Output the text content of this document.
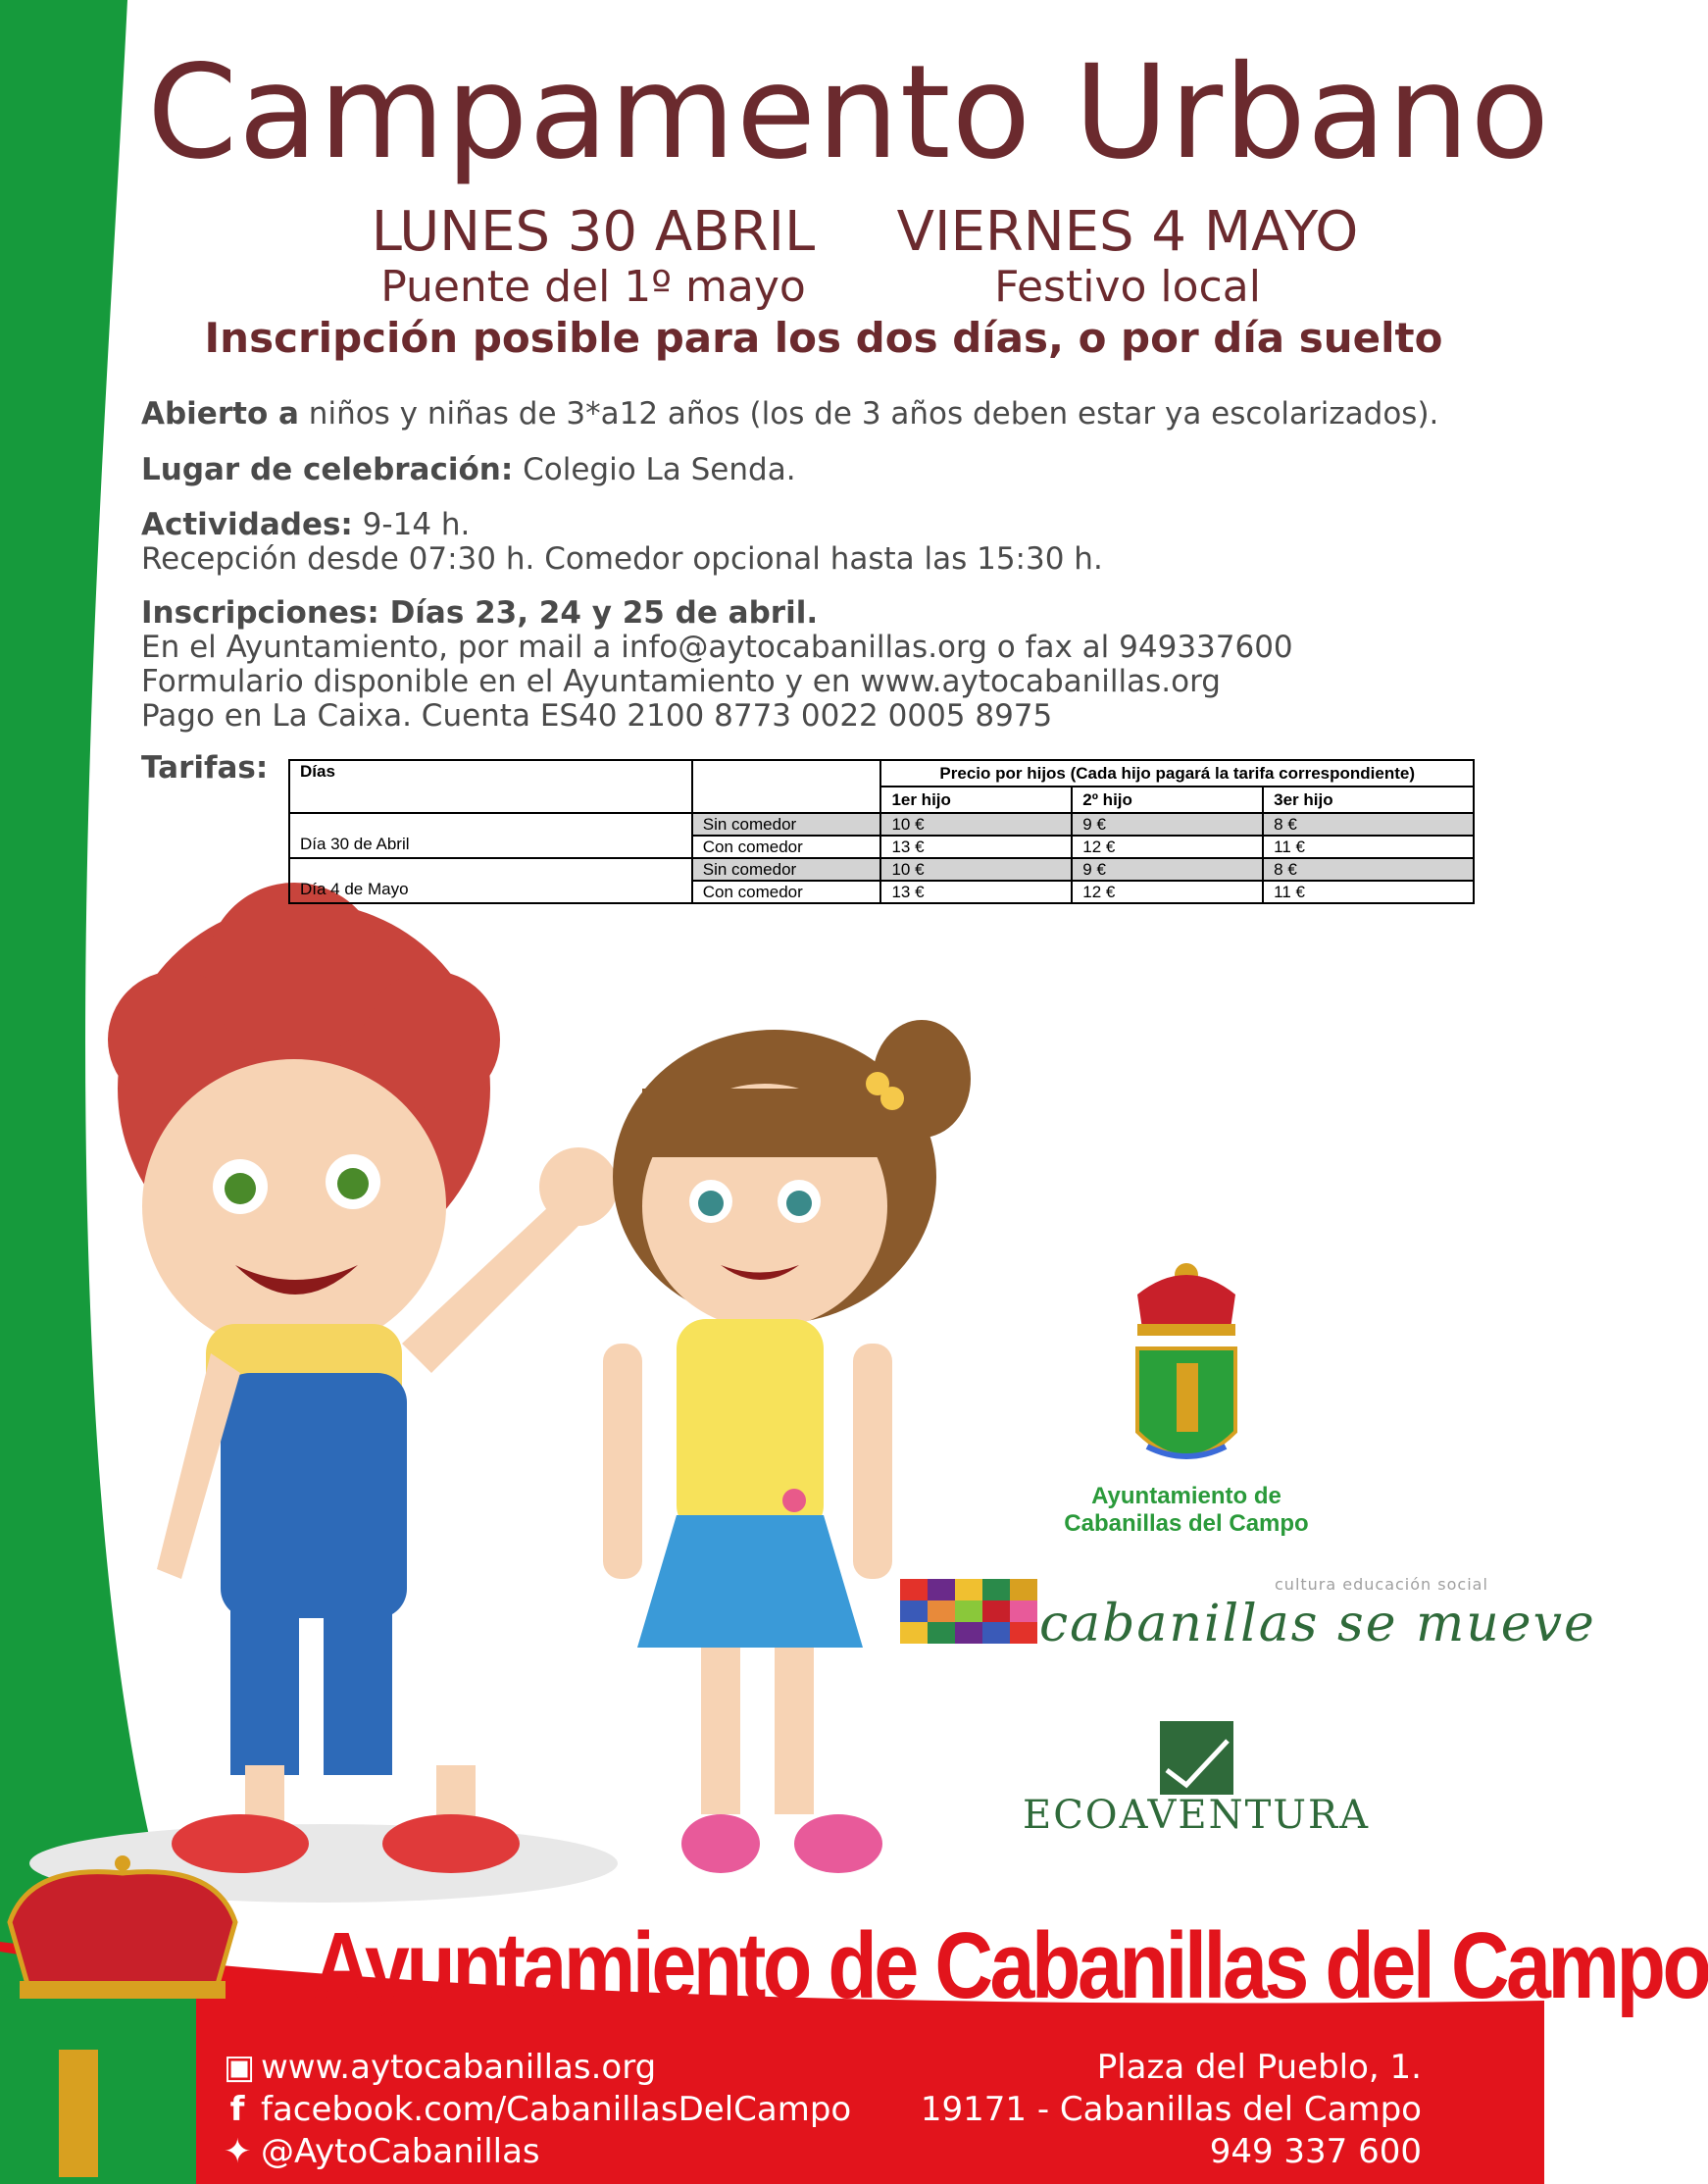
Campamento Urbano
LUNES 30 ABRIL
Puente del 1º mayo
VIERNES 4 MAYO
Festivo local
Inscripción posible para los dos días, o por día suelto
Abierto a niños y niñas de 3*a12 años (los de 3 años deben estar ya escolarizados).
Lugar de celebración: Colegio La Senda.
Actividades: 9-14 h.
Recepción desde 07:30 h. Comedor opcional hasta las 15:30 h.
Inscripciones: Días 23, 24 y 25 de abril.
En el Ayuntamiento, por mail a info@aytocabanillas.org o fax al 949337600
Formulario disponible en el Ayuntamiento y en www.aytocabanillas.org
Pago en La Caixa. Cuenta ES40 2100 8773 0022 0005 8975
Tarifas: Días		Precio por hijos (Cada hijo pagará la tarifa correspondiente)		
		1er hijo	2º hijo	3er hijo
Día 30 de Abril	Sin comedor	10 €	9 €	8 €
	Con comedor	13 €	12 €	11 €
Día 4 de Mayo	Sin comedor	10 €	9 €	8 €
	Con comedor	13 €	12 €	11 €
Ayuntamiento de
Cabanillas del Campo
cultura educación social
cabanillas se mueve
ECOAVENTURA
Ayuntamiento de Cabanillas del Campo
▣ www.aytocabanillas.org
f facebook.com/CabanillasDelCampo
✦ @AytoCabanillas
Plaza del Pueblo, 1.
19171 - Cabanillas del Campo
949 337 600
